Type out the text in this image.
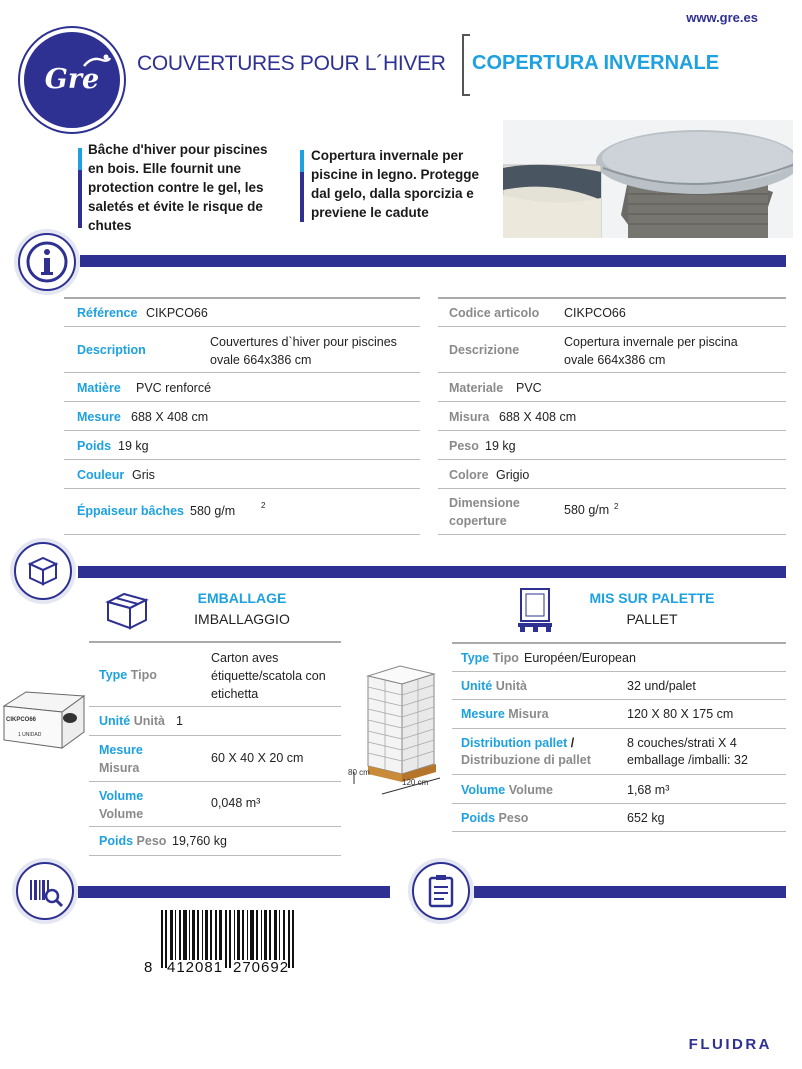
www.gre.es
Gre
COUVERTURES POUR L´HIVER COPERTURA INVERNALE
Bâche d'hiver pour piscines
en bois. Elle fournit une
protection contre le gel, les
saletés et évite le risque de
chutes
Copertura invernale per
piscine in legno. Protegge
dal gelo, dalla sporcizia e
previene le cadute
Référence CIKPCO66
Description
Couvertures d`hiver pour piscines ovale 664x386 cm
Matière PVC renforcé
Mesure 688 X 408 cm
Poids 19 kg
Couleur Gris
Éppaiseur bâches 580 g/m	2
Codice articolo CIKPCO66
Descrizione
Copertura invernale per piscina ovale 664x386 cm
Materiale PVC
Misura 688 X 408 cm
Peso 19 kg
Colore Grigio
Dimensione coperture
580 g/m 2
EMBALLAGE
IMBALLAGGIO
CIKPCO66
1 UNIDAD
Type Tipo
Carton aves étiquette/scatola con etichetta
Unité Unità 1
Mesure
Misura
60 X 40 X 20 cm
Volume
Volume
0,048 m³
Poids Peso 19,760 kg
80 cm
120 cm
MIS SUR PALETTE
PALLET
Type Tipo Européen/European
Unité Unità	32 und/palet
Mesure Misura	120 X 80 X 175 cm
Distribution pallet /
Distribuzione di pallet
8 couches/strati X 4 emballage /imballi: 32
Volume Volume	1,68 m³
Poids Peso	652 kg
8 412081 270692
FLUIDRA
